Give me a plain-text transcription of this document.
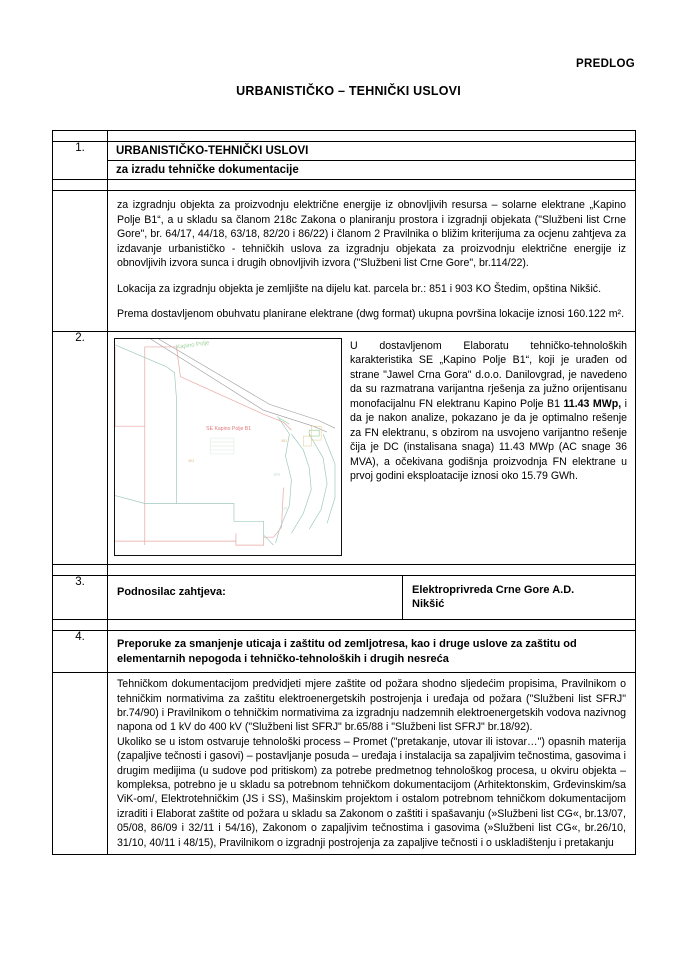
PREDLOG
URBANISTIČKO – TEHNIČKI USLOVI

1.	URBANISTIČKO-TEHNIČKI USLOVI
za izradu tehničke dokumentacije

	za izgradnju objekta za proizvodnju električne energije iz obnovljivih resursa – solarne elektrane „Kapino Polje B1“, a u skladu sa članom 218c Zakona o planiranju prostora i izgradnji objekata ("Službeni list Crne Gore", br. 64/17, 44/18, 63/18, 82/20 i 86/22) i članom 2 Pravilnika o bližim kriterijuma za ocjenu zahtjeva za izdavanje urbanističko - tehničkih uslova za izgradnju objekata za proizvodnju električne energije iz obnovljivih izvora sunca i drugih obnovljivih izvora ("Službeni list Crne Gore", br.114/22).

Lokacija za izgradnju objekta je zemljište na dijelu kat. parcela br.: 851 i 903 KO Štedim, opština Nikšić.

Prema dostavljenom obuhvatu planirane elektrane (dwg format) ukupna površina lokacije iznosi 160.122 m².

2.	
SE Kapino Polje B1
Kapino Polje
903
851
Zeta
214
U dostavljenom Elaboratu tehničko-tehnoloških karakteristika SE „Kapino Polje B1“, koji je urađen od strane "Jawel Crna Gora" d.o.o. Danilovgrad, je navedeno da su razmatrana varijantna rješenja za južno orijentisanu monofacijalnu FN elektranu Kapino Polje B1 11.43 MWp, i da je nakon analize, pokazano je da je optimalno rešenje za FN elektranu, s obzirom na usvojeno varijantno rešenje čija je DC (instalisana snaga) 11.43 MWp (AC snage 36 MVA), a očekivana godišnja proizvodnja FN elektrane u prvoj godini eksploatacije iznosi oko 15.79 GWh.

3.	Podnosilac zahtjeva: Elektroprivreda Crne Gore A.D.
Nikšić

4.	Preporuke za smanjenje uticaja i zaštitu od zemljotresa, kao i druge uslove za zaštitu od elementarnih nepogoda i tehničko-tehnoloških i drugih nesreća

	Tehničkom dokumentacijom predvidjeti mjere zaštite od požara shodno sljedećim propisima, Pravilnikom o tehničkim normativima za zaštitu elektroenergetskih postrojenja i uređaja od požara ("Službeni list SFRJ" br.74/90) i Pravilnikom o tehničkim normativima za izgradnju nadzemnih elektroenergetskih vodova nazivnog napona od 1 kV do 400 kV ("Službeni list SFRJ" br.65/88 i "Službeni list SFRJ" br.18/92).

Ukoliko se u istom ostvaruje tehnološki process – Promet ("pretakanje, utovar ili istovar…") opasnih materija (zapaljive tečnosti i gasovi) – postavljanje posuda – uređaja i instalacija sa zapaljivim tečnostima, gasovima i drugim medijima (u sudove pod pritiskom) za potrebe predmetnog tehnološkog procesa, u okviru objekta – kompleksa, potrebno je u skladu sa potrebnom tehničkom dokumentacijom (Arhitektonskim, Grđevinskim/sa ViK-om/, Elektrotehničkim (JS i SS), Mašinskim projektom i ostalom potrebnom tehničkom dokumentacijom izraditi i Elaborat zaštite od požara u skladu sa Zakonom o zaštiti i spašavanju (»Službeni list CG«, br.13/07, 05/08, 86/09 i 32/11 i 54/16), Zakonom o zapaljivim tečnostima i gasovima (»Službeni list CG«, br.26/10, 31/10, 40/11 i 48/15), Pravilnikom o izgradnji postrojenja za zapaljive tečnosti i o uskladištenju i pretakanju
